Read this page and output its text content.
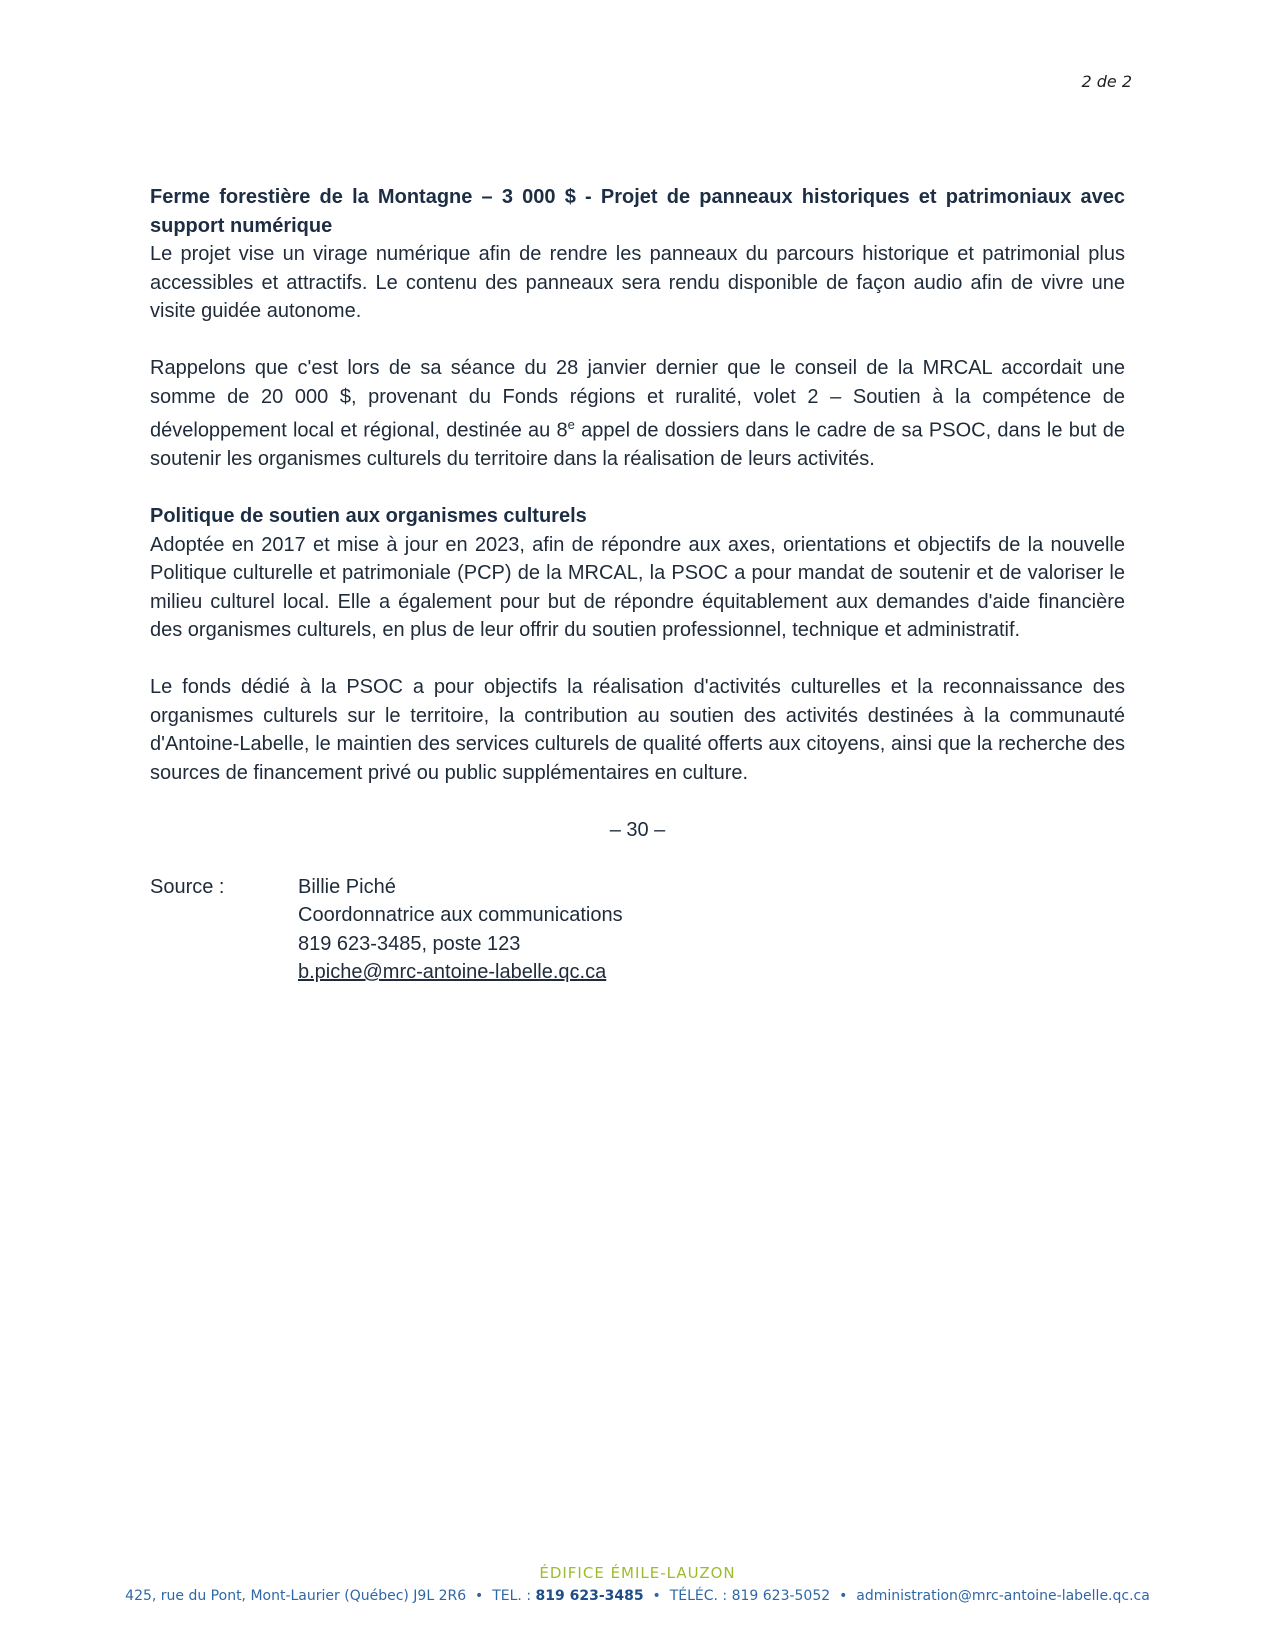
2 de 2

Ferme forestière de la Montagne – 3 000 $ - Projet de panneaux historiques et patrimoniaux avec support numérique

Le projet vise un virage numérique afin de rendre les panneaux du parcours historique et patrimonial plus accessibles et attractifs. Le contenu des panneaux sera rendu disponible de façon audio afin de vivre une visite guidée autonome.

Rappelons que c'est lors de sa séance du 28 janvier dernier que le conseil de la MRCAL accordait une somme de 20 000 $, provenant du Fonds régions et ruralité, volet 2 – Soutien à la compétence de développement local et régional, destinée au 8e appel de dossiers dans le cadre de sa PSOC, dans le but de soutenir les organismes culturels du territoire dans la réalisation de leurs activités.

Politique de soutien aux organismes culturels

Adoptée en 2017 et mise à jour en 2023, afin de répondre aux axes, orientations et objectifs de la nouvelle Politique culturelle et patrimoniale (PCP) de la MRCAL, la PSOC a pour mandat de soutenir et de valoriser le milieu culturel local. Elle a également pour but de répondre équitablement aux demandes d'aide financière des organismes culturels, en plus de leur offrir du soutien professionnel, technique et administratif.

Le fonds dédié à la PSOC a pour objectifs la réalisation d'activités culturelles et la reconnaissance des organismes culturels sur le territoire, la contribution au soutien des activités destinées à la communauté d'Antoine-Labelle, le maintien des services culturels de qualité offerts aux citoyens, ainsi que la recherche des sources de financement privé ou public supplémentaires en culture.

– 30 –

Source :	Billie Piché
Coordonnatrice aux communications
819 623-3485, poste 123
b.piche@mrc-antoine-labelle.qc.ca
ÉDIFICE ÉMILE-LAUZON
425, rue du Pont, Mont-Laurier (Québec) J9L 2R6 • TEL. : 819 623-3485 • TÉLÉC. : 819 623-5052 • administration@mrc-antoine-labelle.qc.ca
